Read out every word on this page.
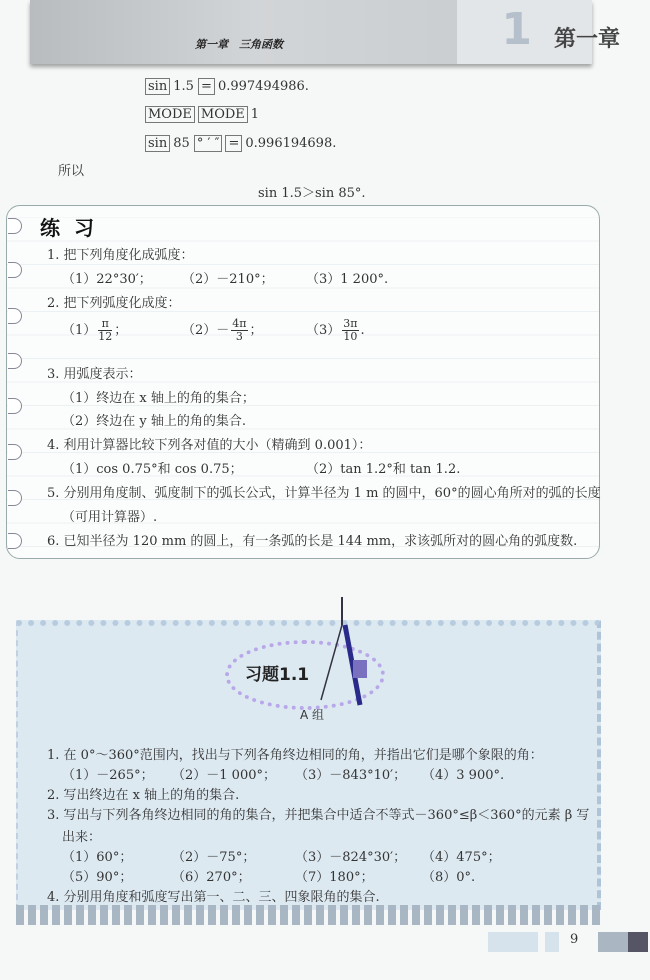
1
第一章　三角函数	第一章
sin 1.5 = 0.997494986.
MODE MODE 1
sin 85 ° ′ ″ = 0.996194698.
所以
sin 1.5＞sin 85°.
练习
1. 把下列角度化成弧度：
（1）22°30′； （2）－210°； （3）1 200°.
2. 把下列弧度化成度：
$(1) \frac{\pi}{12}$ ；	$(2)- \frac{4\pi}{3}$ ；	$(3) \frac{3\pi}{10}$ .
3. 用弧度表示：
（1）终边在 x 轴上的角的集合；
（2）终边在 y 轴上的角的集合.
4. 利用计算器比较下列各对值的大小（精确到 0.001）：
（1）cos 0.75°和 cos 0.75；	（2）tan 1.2°和 tan 1.2.
5. 分别用角度制、弧度制下的弧长公式，计算半径为 1 m 的圆中，60°的圆心角所对的弧的长度
（可用计算器）.
6. 已知半径为 120 mm 的圆上，有一条弧的长是 144 mm，求该弧所对的圆心角的弧度数.
习题1.1
A 组
1. 在 0°～360°范围内，找出与下列各角终边相同的角，并指出它们是哪个象限的角：
（1）－265°； （2）－1 000°； （3）－843°10′； （4）3 900°.
2. 写出终边在 x 轴上的角的集合.
3. 写出与下列各角终边相同的角的集合，并把集合中适合不等式－360°≤β＜360°的元素 β 写
出来：
（1）60°；	（2）－75°；	（3）－824°30′； （4）475°；
（5）90°；	（6）270°；	（7）180°；	（8）0°.
4. 分别用角度和弧度写出第一、二、三、四象限角的集合.
9
